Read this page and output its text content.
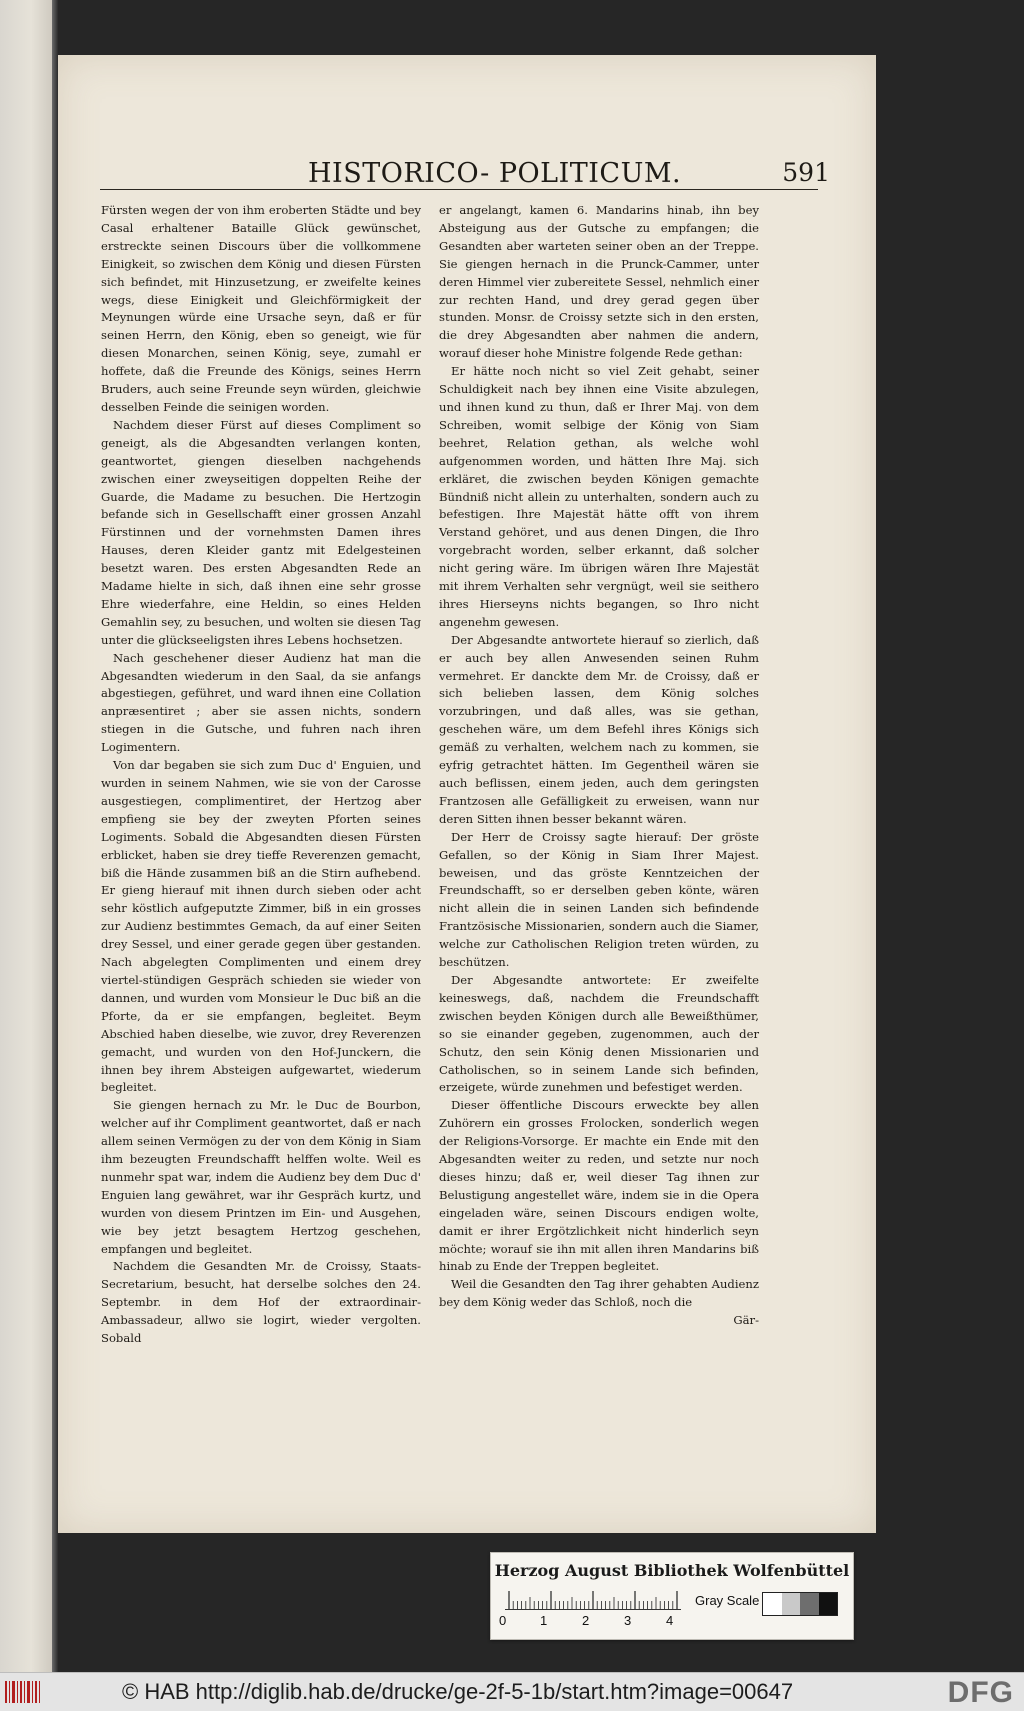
HISTORICO- POLITICUM.	591

Fürsten wegen der von ihm eroberten Städte und bey Casal erhaltener Bataille Glück gewünschet, erstreckte seinen Discours über die vollkommene Einigkeit, so zwischen dem König und diesen Fürsten sich befindet, mit Hinzusetzung, er zweifelte keines wegs, diese Einigkeit und Gleichförmigkeit der Meynungen würde eine Ursache seyn, daß er für seinen Herrn, den König, eben so geneigt, wie für diesen Monarchen, seinen König, seye, zumahl er hoffete, daß die Freunde des Königs, seines Herrn Bruders, auch seine Freunde seyn würden, gleichwie desselben Feinde die seinigen worden.

Nachdem dieser Fürst auf dieses Compliment so geneigt, als die Abgesandten verlangen konten, geantwortet, giengen dieselben nachgehends zwischen einer zweyseitigen doppelten Reihe der Guarde, die Madame zu besuchen. Die Hertzogin befande sich in Gesellschafft einer grossen Anzahl Fürstinnen und der vornehmsten Damen ihres Hauses, deren Kleider gantz mit Edelgesteinen besetzt waren. Des ersten Abgesandten Rede an Madame hielte in sich, daß ihnen eine sehr grosse Ehre wiederfahre, eine Heldin, so eines Helden Gemahlin sey, zu besuchen, und wolten sie diesen Tag unter die glückseeligsten ihres Lebens hochsetzen.

Nach geschehener dieser Audienz hat man die Abgesandten wiederum in den Saal, da sie anfangs abgestiegen, geführet, und ward ihnen eine Collation anpræsentiret ; aber sie assen nichts, sondern stiegen in die Gutsche, und fuhren nach ihren Logimentern.

Von dar begaben sie sich zum Duc d' Enguien, und wurden in seinem Nahmen, wie sie von der Carosse ausgestiegen, complimentiret, der Hertzog aber empfieng sie bey der zweyten Pforten seines Logiments. Sobald die Abgesandten diesen Fürsten erblicket, haben sie drey tieffe Reverenzen gemacht, biß die Hände zusammen biß an die Stirn aufhebend. Er gieng hierauf mit ihnen durch sieben oder acht sehr köstlich aufgeputzte Zimmer, biß in ein grosses zur Audienz bestimmtes Gemach, da auf einer Seiten drey Sessel, und einer gerade gegen über gestanden. Nach abgelegten Complimenten und einem drey viertel-stündigen Gespräch schieden sie wieder von dannen, und wurden vom Monsieur le Duc biß an die Pforte, da er sie empfangen, begleitet. Beym Abschied haben dieselbe, wie zuvor, drey Reverenzen gemacht, und wurden von den Hof-Junckern, die ihnen bey ihrem Absteigen aufgewartet, wiederum begleitet.

Sie giengen hernach zu Mr. le Duc de Bourbon, welcher auf ihr Compliment geantwortet, daß er nach allem seinen Vermögen zu der von dem König in Siam ihm bezeugten Freundschafft helffen wolte. Weil es nunmehr spat war, indem die Audienz bey dem Duc d' Enguien lang gewähret, war ihr Gespräch kurtz, und wurden von diesem Printzen im Ein- und Ausgehen, wie bey jetzt besagtem Hertzog geschehen, empfangen und begleitet.

Nachdem die Gesandten Mr. de Croissy, Staats-Secretarium, besucht, hat derselbe solches den 24. Septembr. in dem Hof der extraordinair-Ambassadeur, allwo sie logirt, wieder vergolten. Sobald

er angelangt, kamen 6. Mandarins hinab, ihn bey Absteigung aus der Gutsche zu empfangen; die Gesandten aber warteten seiner oben an der Treppe. Sie giengen hernach in die Prunck-Cammer, unter deren Himmel vier zubereitete Sessel, nehmlich einer zur rechten Hand, und drey gerad gegen über stunden. Monsr. de Croissy setzte sich in den ersten, die drey Abgesandten aber nahmen die andern, worauf dieser hohe Ministre folgende Rede gethan:

Er hätte noch nicht so viel Zeit gehabt, seiner Schuldigkeit nach bey ihnen eine Visite abzulegen, und ihnen kund zu thun, daß er Ihrer Maj. von dem Schreiben, womit selbige der König von Siam beehret, Relation gethan, als welche wohl aufgenommen worden, und hätten Ihre Maj. sich erkläret, die zwischen beyden Königen gemachte Bündniß nicht allein zu unterhalten, sondern auch zu befestigen. Ihre Majestät hätte offt von ihrem Verstand gehöret, und aus denen Dingen, die Ihro vorgebracht worden, selber erkannt, daß solcher nicht gering wäre. Im übrigen wären Ihre Majestät mit ihrem Verhalten sehr vergnügt, weil sie seithero ihres Hierseyns nichts begangen, so Ihro nicht angenehm gewesen.

Der Abgesandte antwortete hierauf so zierlich, daß er auch bey allen Anwesenden seinen Ruhm vermehret. Er danckte dem Mr. de Croissy, daß er sich belieben lassen, dem König solches vorzubringen, und daß alles, was sie gethan, geschehen wäre, um dem Befehl ihres Königs sich gemäß zu verhalten, welchem nach zu kommen, sie eyfrig getrachtet hätten. Im Gegentheil wären sie auch beflissen, einem jeden, auch dem geringsten Frantzosen alle Gefälligkeit zu erweisen, wann nur deren Sitten ihnen besser bekannt wären.

Der Herr de Croissy sagte hierauf: Der gröste Gefallen, so der König in Siam Ihrer Majest. beweisen, und das gröste Kenntzeichen der Freundschafft, so er derselben geben könte, wären nicht allein die in seinen Landen sich befindende Frantzösische Missionarien, sondern auch die Siamer, welche zur Catholischen Religion treten würden, zu beschützen.

Der Abgesandte antwortete: Er zweifelte keineswegs, daß, nachdem die Freundschafft zwischen beyden Königen durch alle Beweißthümer, so sie einander gegeben, zugenommen, auch der Schutz, den sein König denen Missionarien und Catholischen, so in seinem Lande sich befinden, erzeigete, würde zunehmen und befestiget werden.

Dieser öffentliche Discours erweckte bey allen Zuhörern ein grosses Frolocken, sonderlich wegen der Religions-Vorsorge. Er machte ein Ende mit den Abgesandten weiter zu reden, und setzte nur noch dieses hinzu; daß er, weil dieser Tag ihnen zur Belustigung angestellet wäre, indem sie in die Opera eingeladen wäre, seinen Discours endigen wolte, damit er ihrer Ergötzlichkeit nicht hinderlich seyn möchte; worauf sie ihn mit allen ihren Mandarins biß hinab zu Ende der Treppen begleitet.

Weil die Gesandten den Tag ihrer gehabten Audienz bey dem König weder das Schloß, noch die

Gär-

Herzog August Bibliothek Wolfenbüttel
0	1	2	3	4
Gray Scale
© HAB http://diglib.hab.de/drucke/ge-2f-5-1b/start.htm?image=00647	DFG
